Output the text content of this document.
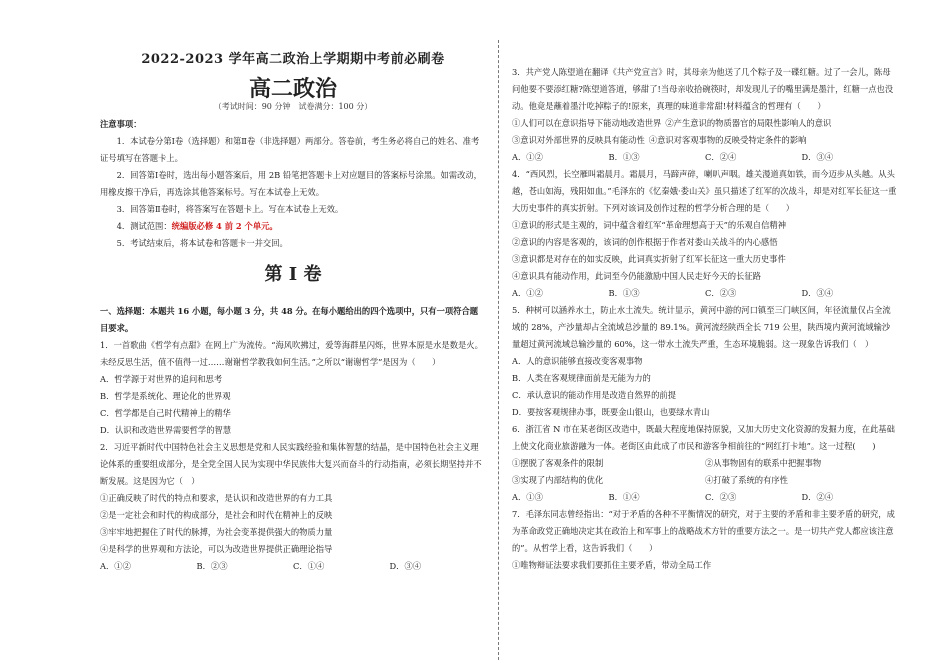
2022-2023 学年高二政治上学期期中考前必刷卷
高二政治
（考试时间：90 分钟　试卷满分：100 分）
注意事项：

1．本试卷分第Ⅰ卷（选择题）和第Ⅱ卷（非选择题）两部分。答卷前，考生务必将自己的姓名、准考证号填写在答题卡上。

2．回答第Ⅰ卷时，选出每小题答案后，用 2B 铅笔把答题卡上对应题目的答案标号涂黑。如需改动，用橡皮擦干净后，再选涂其他答案标号。写在本试卷上无效。

3．回答第Ⅱ卷时，将答案写在答题卡上。写在本试卷上无效。

4．测试范围：统编版必修 4 前 2 个单元。

5．考试结束后，将本试卷和答题卡一并交回。

第 I 卷

一、选择题：本题共 16 小题，每小题 3 分，共 48 分。在每小题给出的四个选项中，只有一项符合题目要求。

1．一首歌曲《哲学有点甜》在网上广为流传。“海风吹拂过，爱等海群星闪烁，世界本原是水是数是火。未经反思生活，值不值得一过……谢谢哲学教我如何生活。”之所以“谢谢哲学”是因为（　　）

A．哲学源于对世界的追问和思考

B．哲学是系统化、理论化的世界观

C．哲学都是自己时代精神上的精华

D．认识和改造世界需要哲学的智慧

2．习近平新时代中国特色社会主义思想是党和人民实践经验和集体智慧的结晶，是中国特色社会主义理论体系的重要组成部分，是全党全国人民为实现中华民族伟大复兴而奋斗的行动指南，必须长期坚持并不断发展。这是因为它（　）

①正确反映了时代的特点和要求，是认识和改造世界的有力工具

②是一定社会和时代的构成部分，是社会和时代在精神上的反映

③牢牢地把握住了时代的脉搏，为社会变革提供强大的物质力量

④是科学的世界观和方法论，可以为改造世界提供正确理论指导

A．①②	B．②③	C．①④	D．③④

3．共产党人陈望道在翻译《共产党宣言》时，其母亲为他送了几个粽子及一碟红糖。过了一会儿，陈母问他要不要添红糖?陈望道答道，够甜了!当母亲收拾碗筷时，却发现儿子的嘴里满是墨汁，红糖一点也没动。他竟是蘸着墨汁吃掉粽子的!原来，真理的味道非常甜!材料蕴含的哲理有（　　）

①人们可以在意识指导下能动地改造世界 ②产生意识的物质器官的局限性影响人的意识
③意识对外部世界的反映具有能动性 ④意识对客观事物的反映受特定条件的影响
A．①②	B．①③	C．②④	D．③④

4．“西风烈，长空雁叫霜晨月。霜晨月，马蹄声碎，喇叭声咽。雄关漫道真如铁，而今迈步从头越。从头越，苍山如海，残阳如血。”毛泽东的《忆秦娥·娄山关》虽只描述了红军的次战斗，却是对红军长征这一重大历史事件的真实折射。下列对该词及创作过程的哲学分析合理的是（　　）

①意识的形式是主观的，词中蕴含着红军“革命理想高于天”的乐观自信精神

②意识的内容是客观的，该词的创作根据于作者对娄山关战斗的内心感悟

③意识都是对存在的如实反映，此词真实折射了红军长征这一重大历史事件

④意识具有能动作用，此词至今仍能激励中国人民走好今天的长征路

A．①②	B．①③	C．②③	D．③④

5．种树可以涵养水土，防止水土流失。统计显示，黄河中游的河口镇至三门峡区间，年径流量仅占全流域的 28%，产沙量却占全流域总沙量的 89.1%。黄河流经陕西全长 719 公里，陕西境内黄河流域输沙量超过黄河流域总输沙量的 60%，这一带水土流失严重，生态环境脆弱。这一现象告诉我们（　）

A．人的意识能够直接改变客观事物

B．人类在客观规律面前是无能为力的

C．承认意识的能动作用是改造自然界的前提

D．要按客观规律办事，既要金山银山，也要绿水青山

6．浙江省 N 市在某老街区改造中，既最大程度地保持原貌，又加大历史文化资源的发掘力度，在此基础上使文化商业旅游融为一体。老街区由此成了市民和游客争相前往的“网红打卡地”。这一过程(　　)

①摆脱了客观条件的限制	②从事物固有的联系中把握事物
③实现了内部结构的优化	④打破了系统的有序性
A．①③	B．①④	C．②③	D．②④

7．毛泽东同志曾经指出：“对于矛盾的各种不平衡情况的研究，对于主要的矛盾和非主要矛盾的研究，成为革命政党正确地决定其在政治上和军事上的战略战术方针的重要方法之一。是一切共产党人都应该注意的”。从哲学上看，这告诉我们（　　）

①唯物辩证法要求我们要抓住主要矛盾，带动全局工作
